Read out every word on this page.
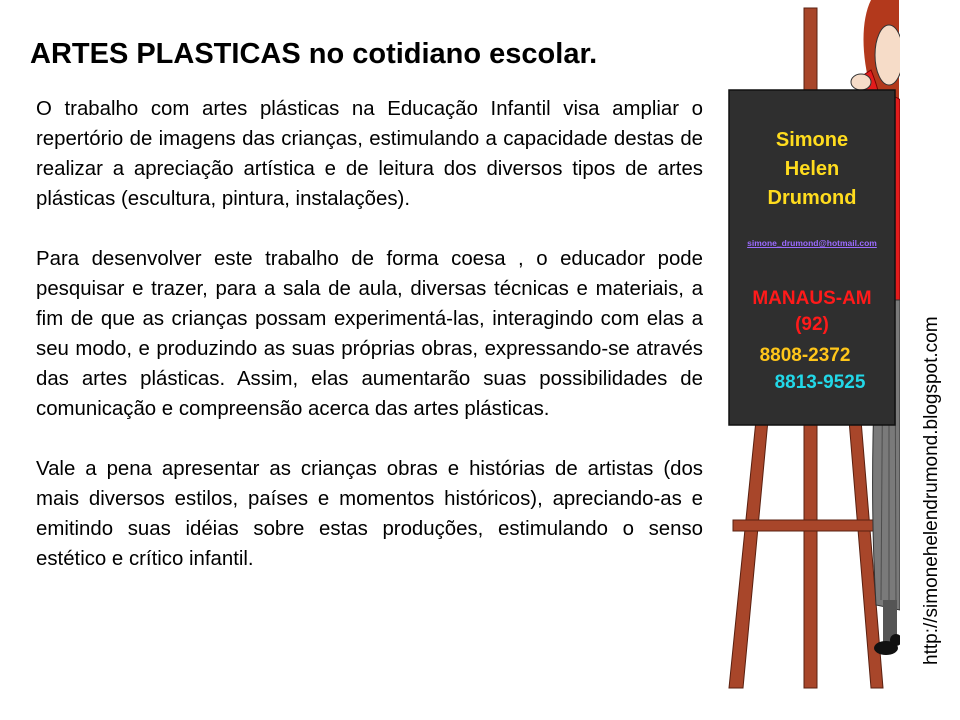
ARTES PLASTICAS no cotidiano escolar.

O trabalho com artes plásticas na Educação Infantil visa ampliar o repertório de imagens das crianças, estimulando a capacidade destas de realizar a apreciação artística e de leitura dos diversos tipos de artes plásticas (escultura, pintura, instalações).

Para desenvolver este trabalho de forma coesa , o educador pode pesquisar e trazer, para a sala de aula, diversas técnicas e materiais, a fim de que as crianças possam experimentá-las, interagindo com elas a seu modo, e produzindo as suas próprias obras, expressando-se através das artes plásticas. Assim, elas aumentarão suas possibilidades de comunicação e compreensão acerca das artes plásticas.

Vale a pena apresentar as crianças obras e histórias de artistas (dos mais diversos estilos, países e momentos históricos), apreciando-as e emitindo suas idéias sobre estas produções, estimulando o senso estético e crítico infantil.

Simone
Helen
Drumond
simone_drumond@hotmail.com
MANAUS-AM
(92)
8808-2372
8813-9525	http://simonehelendrumond.blogspot.com
